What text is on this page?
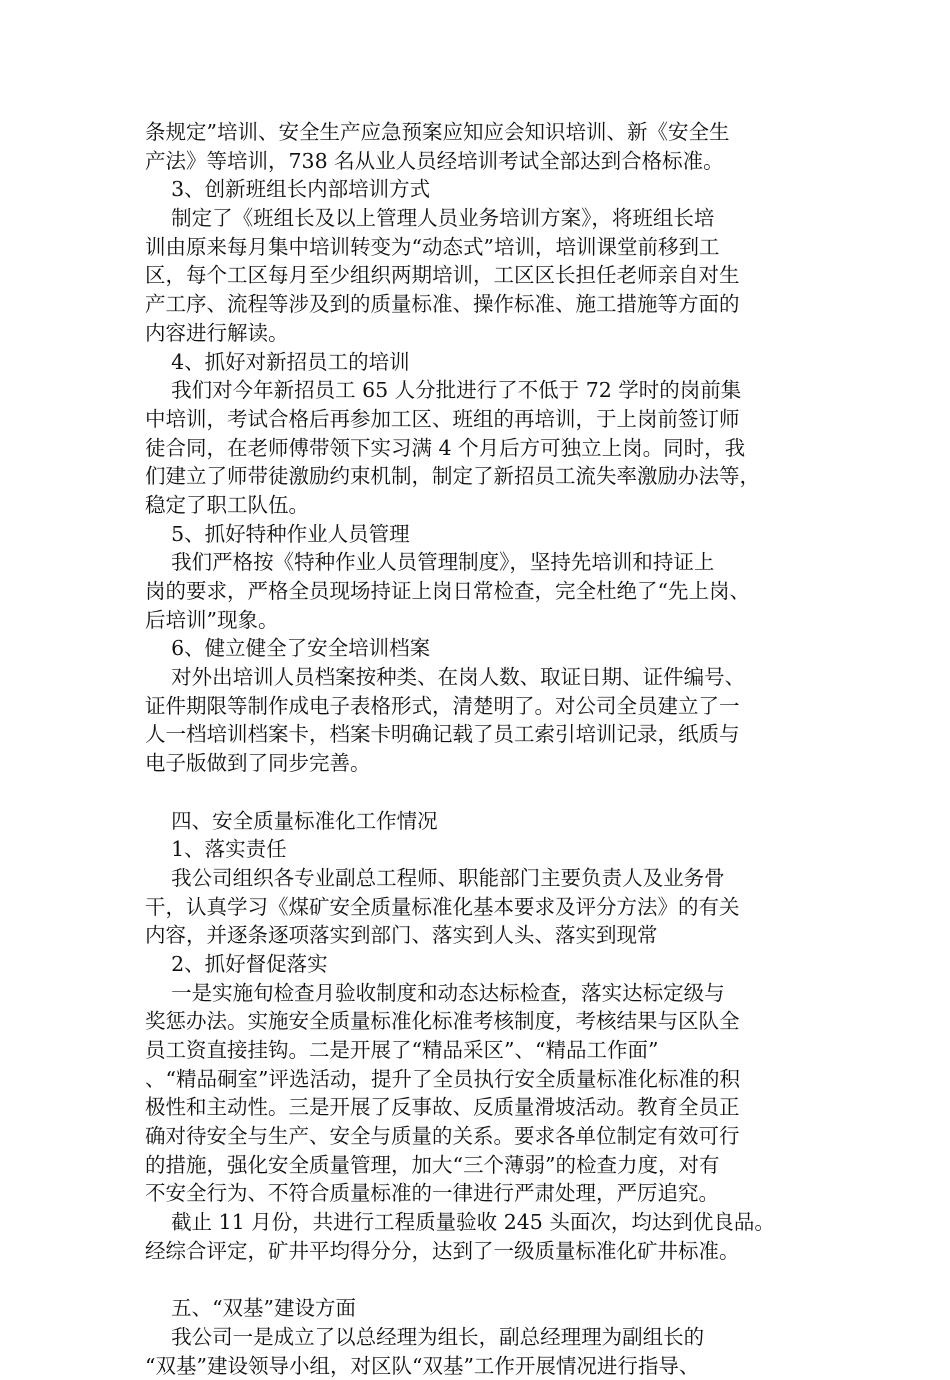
条规定”培训、安全生产应急预案应知应会知识培训、新《安全生
产法》等培训，738 名从业人员经培训考试全部达到合格标准。
3、创新班组长内部培训方式
制定了《班组长及以上管理人员业务培训方案》，将班组长培
训由原来每月集中培训转变为“动态式”培训，培训课堂前移到工
区，每个工区每月至少组织两期培训，工区区长担任老师亲自对生
产工序、流程等涉及到的质量标准、操作标准、施工措施等方面的
内容进行解读。
4、抓好对新招员工的培训
我们对今年新招员工 65 人分批进行了不低于 72 学时的岗前集
中培训，考试合格后再参加工区、班组的再培训，于上岗前签订师
徒合同，在老师傅带领下实习满 4 个月后方可独立上岗。同时，我
们建立了师带徒激励约束机制，制定了新招员工流失率激励办法等，
稳定了职工队伍。
5、抓好特种作业人员管理
我们严格按《特种作业人员管理制度》，坚持先培训和持证上
岗的要求，严格全员现场持证上岗日常检查，完全杜绝了“先上岗、
后培训”现象。
6、健立健全了安全培训档案
对外出培训人员档案按种类、在岗人数、取证日期、证件编号、
证件期限等制作成电子表格形式，清楚明了。对公司全员建立了一
人一档培训档案卡，档案卡明确记载了员工索引培训记录，纸质与
电子版做到了同步完善。
四、安全质量标准化工作情况
1、落实责任
我公司组织各专业副总工程师、职能部门主要负责人及业务骨
干，认真学习《煤矿安全质量标准化基本要求及评分方法》的有关
内容，并逐条逐项落实到部门、落实到人头、落实到现常
2、抓好督促落实
一是实施旬检查月验收制度和动态达标检查，落实达标定级与
奖惩办法。实施安全质量标准化标准考核制度，考核结果与区队全
员工资直接挂钩。二是开展了“精品采区”、“精品工作面”
、“精品硐室”评选活动，提升了全员执行安全质量标准化标准的积
极性和主动性。三是开展了反事故、反质量滑坡活动。教育全员正
确对待安全与生产、安全与质量的关系。要求各单位制定有效可行
的措施，强化安全质量管理，加大“三个薄弱”的检查力度，对有
不安全行为、不符合质量标准的一律进行严肃处理，严厉追究。
截止 11 月份，共进行工程质量验收 245 头面次，均达到优良品。
经综合评定，矿井平均得分分，达到了一级质量标准化矿井标准。
五、“双基”建设方面
我公司一是成立了以总经理为组长，副总经理理为副组长的
“双基”建设领导小组，对区队“双基”工作开展情况进行指导、
